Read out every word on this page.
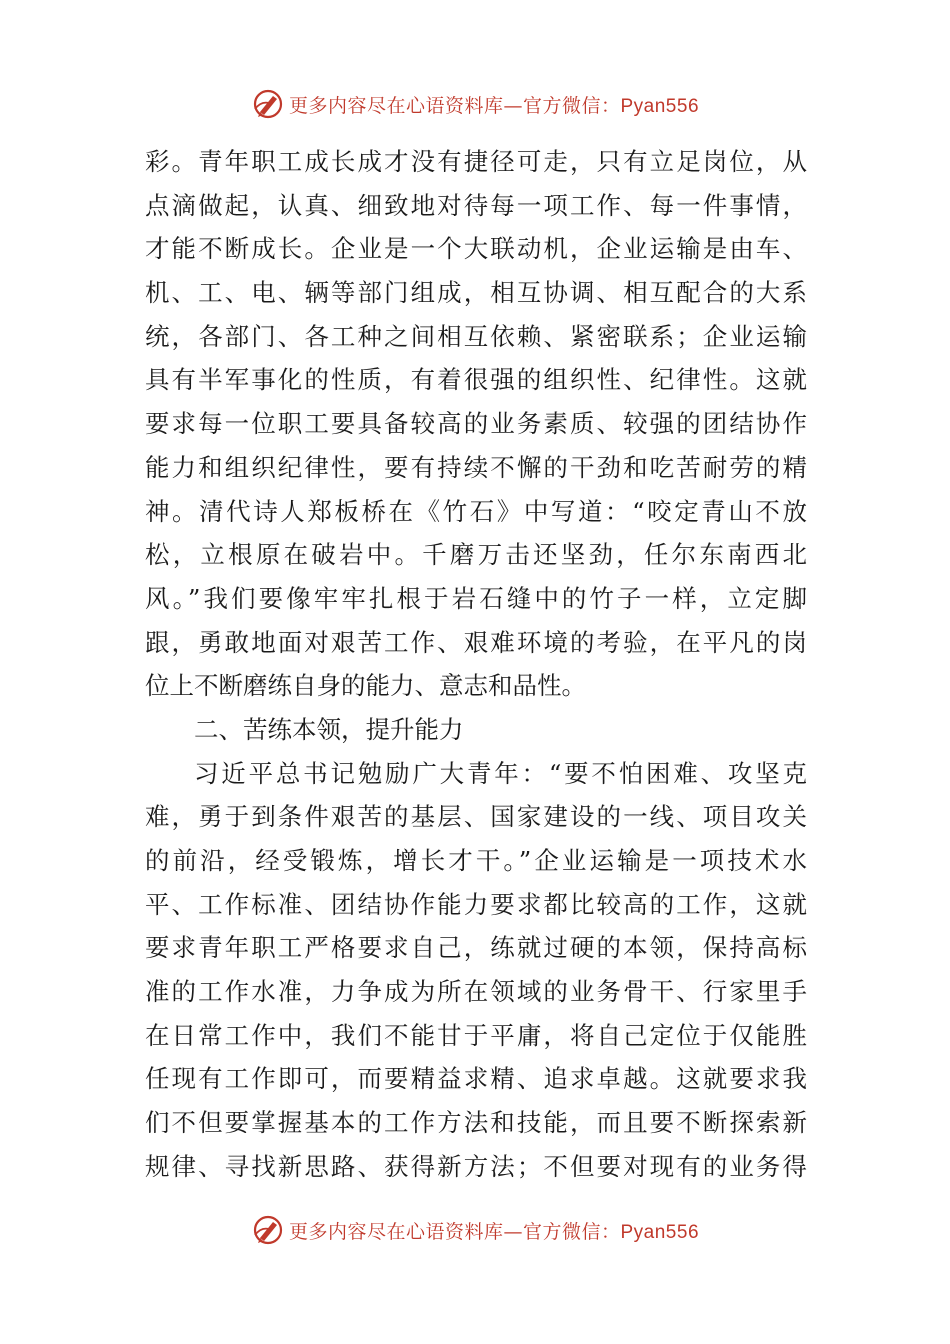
更多内容尽在心语资料库—官方微信：Pyan556
彩。青年职工成长成才没有捷径可走，只有立足岗位，从
点滴做起，认真、细致地对待每一项工作、每一件事情，
才能不断成长。企业是一个大联动机，企业运输是由车、
机、工、电、辆等部门组成，相互协调、相互配合的大系
统，各部门、各工种之间相互依赖、紧密联系；企业运输
具有半军事化的性质，有着很强的组织性、纪律性。这就
要求每一位职工要具备较高的业务素质、较强的团结协作
能力和组织纪律性，要有持续不懈的干劲和吃苦耐劳的精
神。清代诗人郑板桥在《竹石》中写道：“咬定青山不放
松，立根原在破岩中。千磨万击还坚劲，任尔东南西北
风。”我们要像牢牢扎根于岩石缝中的竹子一样，立定脚
跟，勇敢地面对艰苦工作、艰难环境的考验，在平凡的岗
位上不断磨练自身的能力、意志和品性。
二、苦练本领，提升能力
习近平总书记勉励广大青年：“要不怕困难、攻坚克
难，勇于到条件艰苦的基层、国家建设的一线、项目攻关
的前沿，经受锻炼，增长才干。”企业运输是一项技术水
平、工作标准、团结协作能力要求都比较高的工作，这就
要求青年职工严格要求自己，练就过硬的本领，保持高标
准的工作水准，力争成为所在领域的业务骨干、行家里手
在日常工作中，我们不能甘于平庸，将自己定位于仅能胜
任现有工作即可，而要精益求精、追求卓越。这就要求我
们不但要掌握基本的工作方法和技能，而且要不断探索新
规律、寻找新思路、获得新方法；不但要对现有的业务得
更多内容尽在心语资料库—官方微信：Pyan556
